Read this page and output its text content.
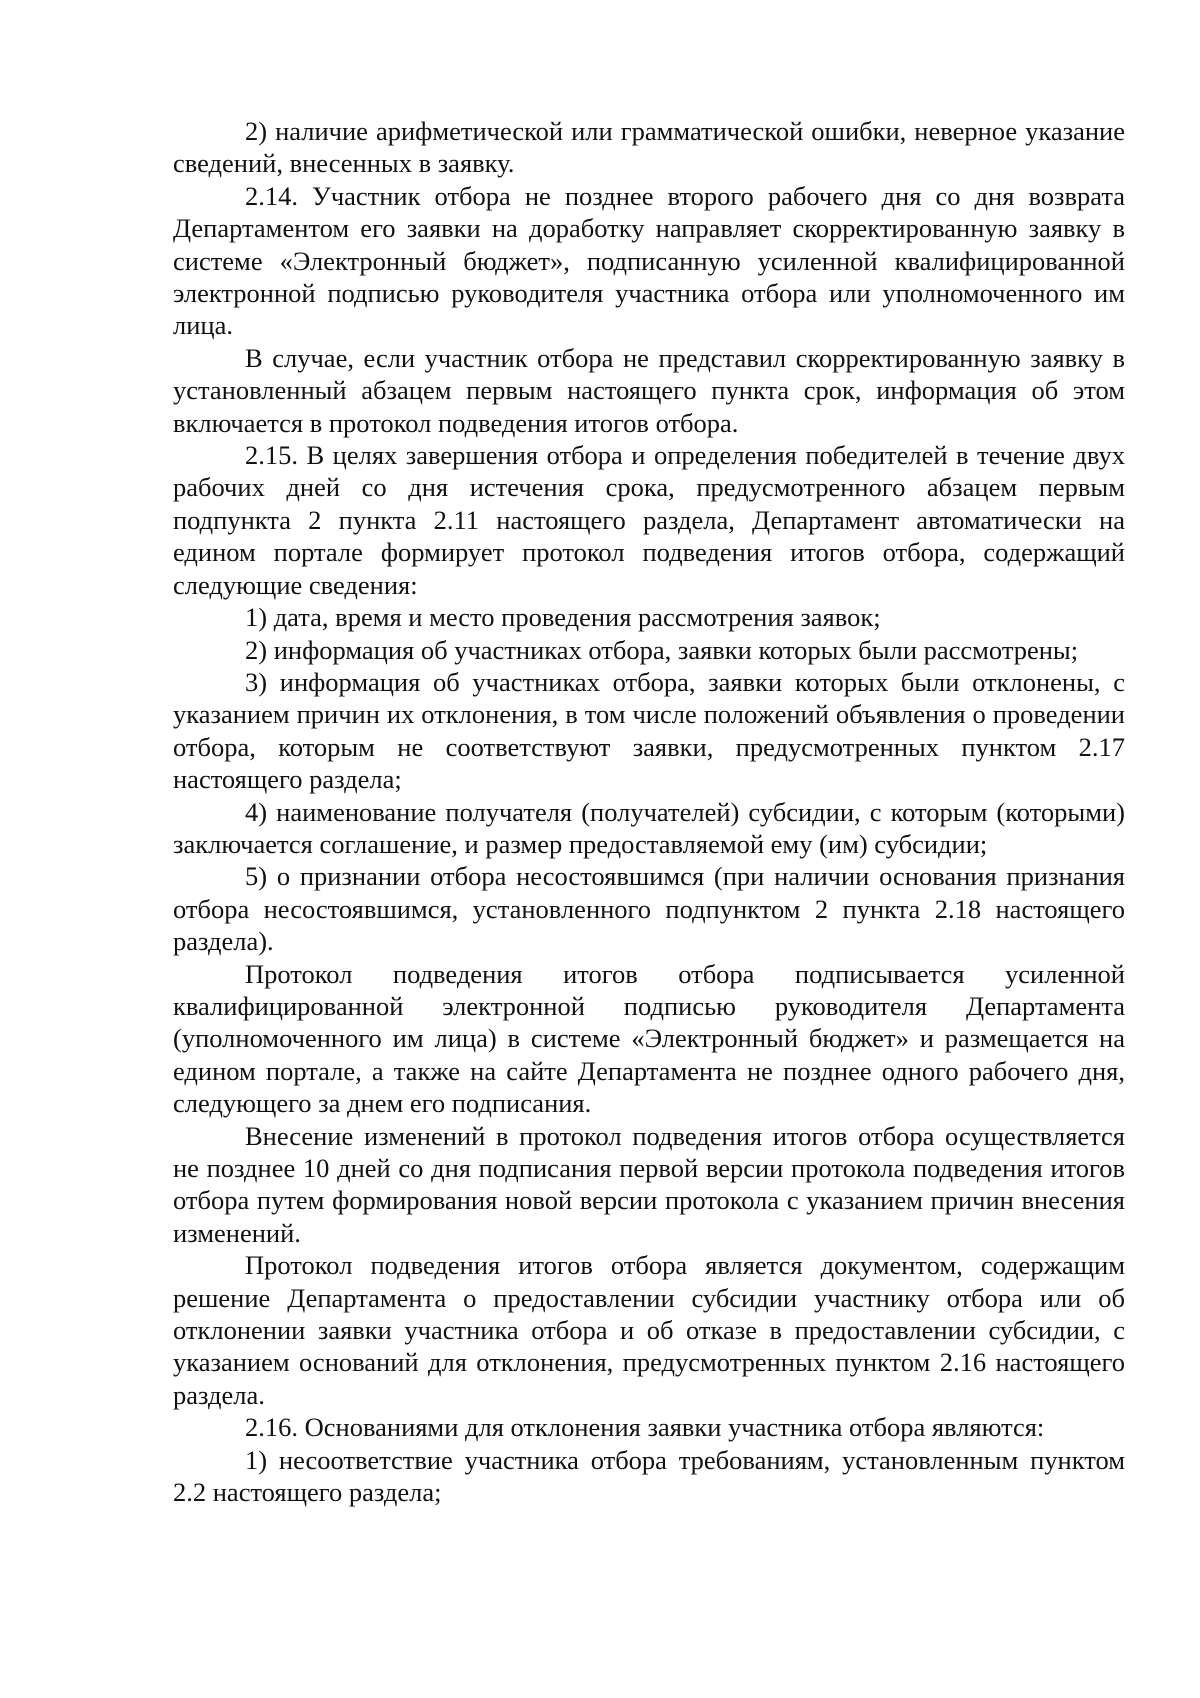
2) наличие арифметической или грамматической ошибки, неверное указание сведений, внесенных в заявку.

2.14. Участник отбора не позднее второго рабочего дня со дня возврата Департаментом его заявки на доработку направляет скорректированную заявку в системе «Электронный бюджет», подписанную усиленной квалифицированной электронной подписью руководителя участника отбора или уполномоченного им лица.

В случае, если участник отбора не представил скорректированную заявку в установленный абзацем первым настоящего пункта срок, информация об этом включается в протокол подведения итогов отбора.

2.15. В целях завершения отбора и определения победителей в течение двух рабочих дней со дня истечения срока, предусмотренного абзацем первым подпункта 2 пункта 2.11 настоящего раздела, Департамент автоматически на едином портале формирует протокол подведения итогов отбора, содержащий следующие сведения:

1) дата, время и место проведения рассмотрения заявок;

2) информация об участниках отбора, заявки которых были рассмотрены;

3) информация об участниках отбора, заявки которых были отклонены, с указанием причин их отклонения, в том числе положений объявления о проведении отбора, которым не соответствуют заявки, предусмотренных пунктом 2.17 настоящего раздела;

4) наименование получателя (получателей) субсидии, с которым (которыми) заключается соглашение, и размер предоставляемой ему (им) субсидии;

5) о признании отбора несостоявшимся (при наличии основания признания отбора несостоявшимся, установленного подпунктом 2 пункта 2.18 настоящего раздела).

Протокол подведения итогов отбора подписывается усиленной квалифицированной электронной подписью руководителя Департамента (уполномоченного им лица) в системе «Электронный бюджет» и размещается на едином портале, а также на сайте Департамента не позднее одного рабочего дня, следующего за днем его подписания.

Внесение изменений в протокол подведения итогов отбора осуществляется не позднее 10 дней со дня подписания первой версии протокола подведения итогов отбора путем формирования новой версии протокола с указанием причин внесения изменений.

Протокол подведения итогов отбора является документом, содержащим решение Департамента о предоставлении субсидии участнику отбора или об отклонении заявки участника отбора и об отказе в предоставлении субсидии, с указанием оснований для отклонения, предусмотренных пунктом 2.16 настоящего раздела.

2.16. Основаниями для отклонения заявки участника отбора являются:

1) несоответствие участника отбора требованиям, установленным пунктом 2.2 настоящего раздела;
